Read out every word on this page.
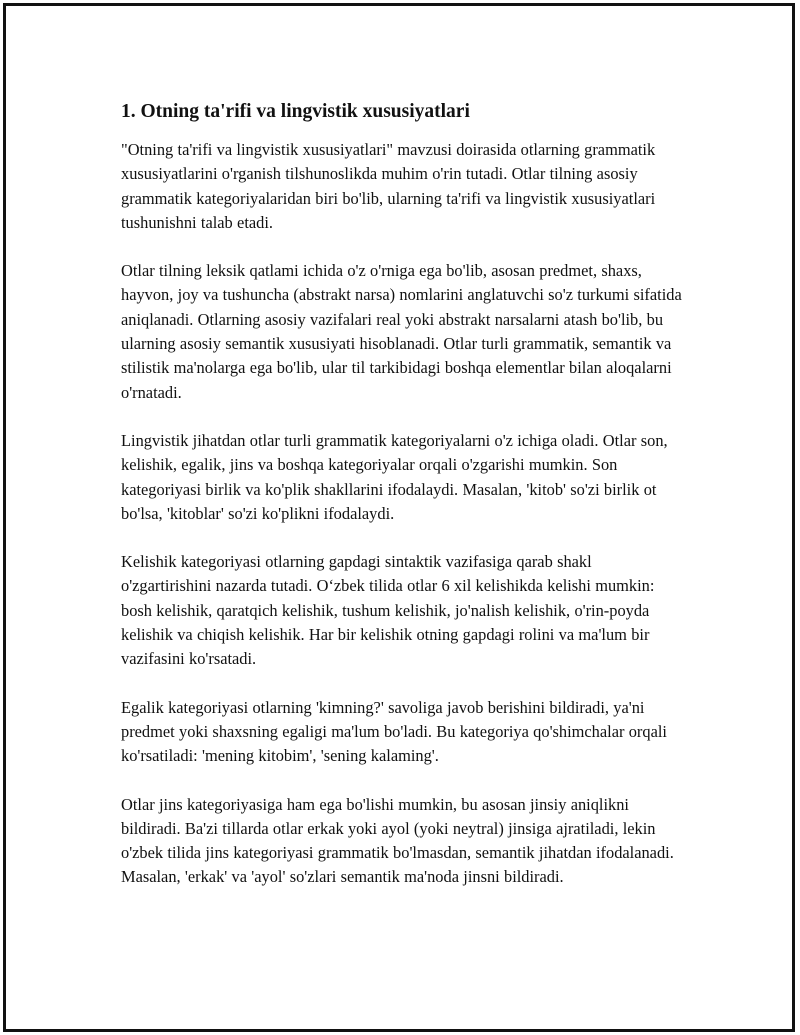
1. Otning ta'rifi va lingvistik xususiyatlari

"Otning ta'rifi va lingvistik xususiyatlari" mavzusi doirasida otlarning grammatik xususiyatlarini o'rganish tilshunoslikda muhim o'rin tutadi. Otlar tilning asosiy grammatik kategoriyalaridan biri bo'lib, ularning ta'rifi va lingvistik xususiyatlari tushunishni talab etadi.

Otlar tilning leksik qatlami ichida o'z o'rniga ega bo'lib, asosan predmet, shaxs, hayvon, joy va tushuncha (abstrakt narsa) nomlarini anglatuvchi so'z turkumi sifatida aniqlanadi. Otlarning asosiy vazifalari real yoki abstrakt narsalarni atash bo'lib, bu ularning asosiy semantik xususiyati hisoblanadi. Otlar turli grammatik, semantik va stilistik ma'nolarga ega bo'lib, ular til tarkibidagi boshqa elementlar bilan aloqalarni o'rnatadi.

Lingvistik jihatdan otlar turli grammatik kategoriyalarni o'z ichiga oladi. Otlar son, kelishik, egalik, jins va boshqa kategoriyalar orqali o'zgarishi mumkin. Son kategoriyasi birlik va ko'plik shakllarini ifodalaydi. Masalan, 'kitob' so'zi birlik ot bo'lsa, 'kitoblar' so'zi ko'plikni ifodalaydi.

Kelishik kategoriyasi otlarning gapdagi sintaktik vazifasiga qarab shakl o'zgartirishini nazarda tutadi. O‘zbek tilida otlar 6 xil kelishikda kelishi mumkin: bosh kelishik, qaratqich kelishik, tushum kelishik, jo'nalish kelishik, o'rin-poyda kelishik va chiqish kelishik. Har bir kelishik otning gapdagi rolini va ma'lum bir vazifasini ko'rsatadi.

Egalik kategoriyasi otlarning 'kimning?' savoliga javob berishini bildiradi, ya'ni predmet yoki shaxsning egaligi ma'lum bo'ladi. Bu kategoriya qo'shimchalar orqali ko'rsatiladi: 'mening kitobim', 'sening kalaming'.

Otlar jins kategoriyasiga ham ega bo'lishi mumkin, bu asosan jinsiy aniqlikni bildiradi. Ba'zi tillarda otlar erkak yoki ayol (yoki neytral) jinsiga ajratiladi, lekin o'zbek tilida jins kategoriyasi grammatik bo'lmasdan, semantik jihatdan ifodalanadi. Masalan, 'erkak' va 'ayol' so'zlari semantik ma'noda jinsni bildiradi.
